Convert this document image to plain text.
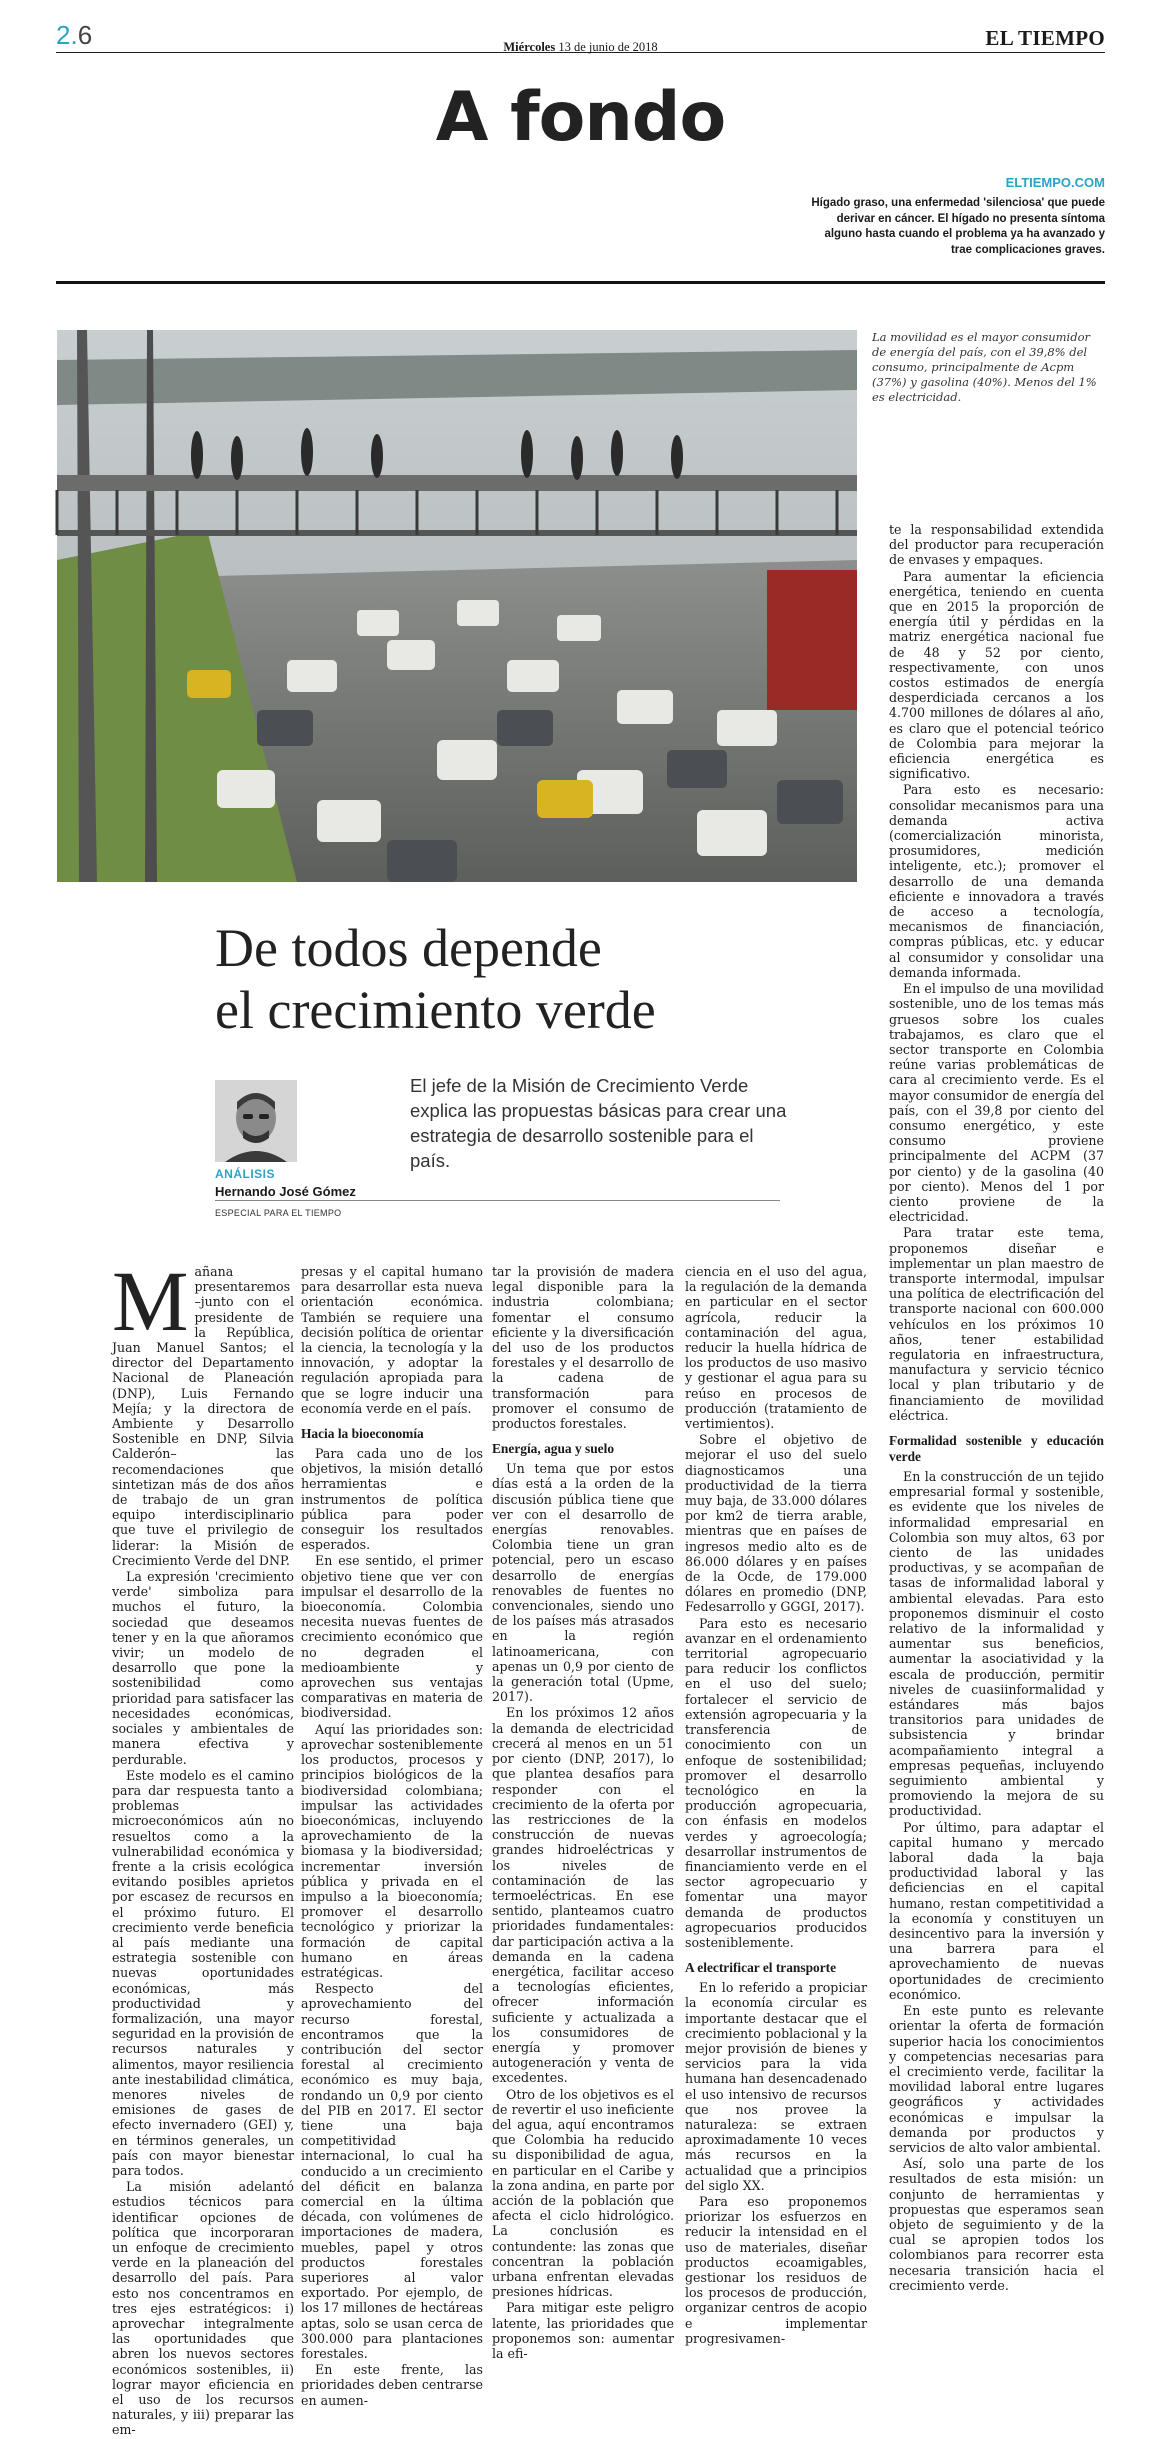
2.6	EL TIEMPO
Miércoles 13 de junio de 2018
A fondo
ELTIEMPO.COM
Hígado graso, una enfermedad 'silenciosa' que puede derivar en cáncer. El hígado no presenta síntoma alguno hasta cuando el problema ya ha avanzado y trae complicaciones graves.
La movilidad es el mayor consumidor de energía del país, con el 39,8% del consumo, principalmente de Acpm (37%) y gasolina (40%). Menos del 1% es electricidad.
De todos depende
el crecimiento verde
ANÁLISIS
Hernando José Gómez
ESPECIAL PARA EL TIEMPO
El jefe de la Misión de Crecimiento Verde explica las propuestas básicas para crear una estrategia de desarrollo sostenible para el país.

Mañana presentaremos –junto con el presidente de la República, Juan Manuel Santos; el director del Departamento Nacional de Planeación (DNP), Luis Fernando Mejía; y la directora de Ambiente y Desarrollo Sostenible en DNP, Silvia Calderón– las recomendaciones que sintetizan más de dos años de trabajo de un gran equipo interdisciplinario que tuve el privilegio de liderar: la Misión de Crecimiento Verde del DNP.

La expresión 'crecimiento verde' simboliza para muchos el futuro, la sociedad que deseamos tener y en la que añoramos vivir; un modelo de desarrollo que pone la sostenibilidad como prioridad para satisfacer las necesidades económicas, sociales y ambientales de manera efectiva y perdurable.

Este modelo es el camino para dar respuesta tanto a problemas microeconómicos aún no resueltos como a la vulnerabilidad económica y frente a la crisis ecológica evitando posibles aprietos por escasez de recursos en el próximo futuro. El crecimiento verde beneficia al país mediante una estrategia sostenible con nuevas oportunidades económicas, más productividad y formalización, una mayor seguridad en la provisión de recursos naturales y alimentos, mayor resiliencia ante inestabilidad climática, menores niveles de emisiones de gases de efecto invernadero (GEI) y, en términos generales, un país con mayor bienestar para todos.

La misión adelantó estudios técnicos para identificar opciones de política que incorporaran un enfoque de crecimiento verde en la planeación del desarrollo del país. Para esto nos concentramos en tres ejes estratégicos: i) aprovechar integralmente las oportunidades que abren los nuevos sectores económicos sostenibles, ii) lograr mayor eficiencia en el uso de los recursos naturales, y iii) preparar las em-

presas y el capital humano para desarrollar esta nueva orientación económica. También se requiere una decisión política de orientar la ciencia, la tecnología y la innovación, y adoptar la regulación apropiada para que se logre inducir una economía verde en el país.

Hacia la bioeconomía

Para cada uno de los objetivos, la misión detalló herramientas e instrumentos de política pública para poder conseguir los resultados esperados.

En ese sentido, el primer objetivo tiene que ver con impulsar el desarrollo de la bioeconomía. Colombia necesita nuevas fuentes de crecimiento económico que no degraden el medioambiente y aprovechen sus ventajas comparativas en materia de biodiversidad.

Aquí las prioridades son: aprovechar sosteniblemente los productos, procesos y principios biológicos de la biodiversidad colombiana; impulsar las actividades bioeconómicas, incluyendo aprovechamiento de la biomasa y la biodiversidad; incrementar inversión pública y privada en el impulso a la bioeconomía; promover el desarrollo tecnológico y priorizar la formación de capital humano en áreas estratégicas.

Respecto del aprovechamiento del recurso forestal, encontramos que la contribución del sector forestal al crecimiento económico es muy baja, rondando un 0,9 por ciento del PIB en 2017. El sector tiene una baja competitividad internacional, lo cual ha conducido a un crecimiento del déficit en balanza comercial en la última década, con volúmenes de importaciones de madera, muebles, papel y otros productos forestales superiores al valor exportado. Por ejemplo, de los 17 millones de hectáreas aptas, solo se usan cerca de 300.000 para plantaciones forestales.

En este frente, las prioridades deben centrarse en aumen-

tar la provisión de madera legal disponible para la industria colombiana; fomentar el consumo eficiente y la diversificación del uso de los productos forestales y el desarrollo de la cadena de transformación para promover el consumo de productos forestales.

Energía, agua y suelo

Un tema que por estos días está a la orden de la discusión pública tiene que ver con el desarrollo de energías renovables. Colombia tiene un gran potencial, pero un escaso desarrollo de energías renovables de fuentes no convencionales, siendo uno de los países más atrasados en la región latinoamericana, con apenas un 0,9 por ciento de la generación total (Upme, 2017).

En los próximos 12 años la demanda de electricidad crecerá al menos en un 51 por ciento (DNP, 2017), lo que plantea desafíos para responder con el crecimiento de la oferta por las restricciones de la construcción de nuevas grandes hidroeléctricas y los niveles de contaminación de las termoeléctricas. En ese sentido, planteamos cuatro prioridades fundamentales: dar participación activa a la demanda en la cadena energética, facilitar acceso a tecnologías eficientes, ofrecer información suficiente y actualizada a los consumidores de energía y promover autogeneración y venta de excedentes.

Otro de los objetivos es el de revertir el uso ineficiente del agua, aquí encontramos que Colombia ha reducido su disponibilidad de agua, en particular en el Caribe y la zona andina, en parte por acción de la población que afecta el ciclo hidrológico. La conclusión es contundente: las zonas que concentran la población urbana enfrentan elevadas presiones hídricas.

Para mitigar este peligro latente, las prioridades que proponemos son: aumentar la efi-

ciencia en el uso del agua, la regulación de la demanda en particular en el sector agrícola, reducir la contaminación del agua, reducir la huella hídrica de los productos de uso masivo y gestionar el agua para su reúso en procesos de producción (tratamiento de vertimientos).

Sobre el objetivo de mejorar el uso del suelo diagnosticamos una productividad de la tierra muy baja, de 33.000 dólares por km2 de tierra arable, mientras que en países de ingresos medio alto es de 86.000 dólares y en países de la Ocde, de 179.000 dólares en promedio (DNP, Fedesarrollo y GGGI, 2017).

Para esto es necesario avanzar en el ordenamiento territorial agropecuario para reducir los conflictos en el uso del suelo; fortalecer el servicio de extensión agropecuaria y la transferencia de conocimiento con un enfoque de sostenibilidad; promover el desarrollo tecnológico en la producción agropecuaria, con énfasis en modelos verdes y agroecología; desarrollar instrumentos de financiamiento verde en el sector agropecuario y fomentar una mayor demanda de productos agropecuarios producidos sosteniblemente.

A electrificar el transporte

En lo referido a propiciar la economía circular es importante destacar que el crecimiento poblacional y la mejor provisión de bienes y servicios para la vida humana han desencadenado el uso intensivo de recursos que nos provee la naturaleza: se extraen aproximadamente 10 veces más recursos en la actualidad que a principios del siglo XX.

Para eso proponemos priorizar los esfuerzos en reducir la intensidad en el uso de materiales, diseñar productos ecoamigables, gestionar los residuos de los procesos de producción, organizar centros de acopio e implementar progresivamen-

te la responsabilidad extendida del productor para recuperación de envases y empaques.

Para aumentar la eficiencia energética, teniendo en cuenta que en 2015 la proporción de energía útil y pérdidas en la matriz energética nacional fue de 48 y 52 por ciento, respectivamente, con unos costos estimados de energía desperdiciada cercanos a los 4.700 millones de dólares al año, es claro que el potencial teórico de Colombia para mejorar la eficiencia energética es significativo.

Para esto es necesario: consolidar mecanismos para una demanda activa (comercialización minorista, prosumidores, medición inteligente, etc.); promover el desarrollo de una demanda eficiente e innovadora a través de acceso a tecnología, mecanismos de financiación, compras públicas, etc. y educar al consumidor y consolidar una demanda informada.

En el impulso de una movilidad sostenible, uno de los temas más gruesos sobre los cuales trabajamos, es claro que el sector transporte en Colombia reúne varias problemáticas de cara al crecimiento verde. Es el mayor consumidor de energía del país, con el 39,8 por ciento del consumo energético, y este consumo proviene principalmente del ACPM (37 por ciento) y de la gasolina (40 por ciento). Menos del 1 por ciento proviene de la electricidad.

Para tratar este tema, proponemos diseñar e implementar un plan maestro de transporte intermodal, impulsar una política de electrificación del transporte nacional con 600.000 vehículos en los próximos 10 años, tener estabilidad regulatoria en infraestructura, manufactura y servicio técnico local y plan tributario y de financiamiento de movilidad eléctrica.

Formalidad sostenible y educación verde

En la construcción de un tejido empresarial formal y sostenible, es evidente que los niveles de informalidad empresarial en Colombia son muy altos, 63 por ciento de las unidades productivas, y se acompañan de tasas de informalidad laboral y ambiental elevadas. Para esto proponemos disminuir el costo relativo de la informalidad y aumentar sus beneficios, aumentar la asociatividad y la escala de producción, permitir niveles de cuasiinformalidad y estándares más bajos transitorios para unidades de subsistencia y brindar acompañamiento integral a empresas pequeñas, incluyendo seguimiento ambiental y promoviendo la mejora de su productividad.

Por último, para adaptar el capital humano y mercado laboral dada la baja productividad laboral y las deficiencias en el capital humano, restan competitividad a la economía y constituyen un desincentivo para la inversión y una barrera para el aprovechamiento de nuevas oportunidades de crecimiento económico.

En este punto es relevante orientar la oferta de formación superior hacia los conocimientos y competencias necesarias para el crecimiento verde, facilitar la movilidad laboral entre lugares geográficos y actividades económicas e impulsar la demanda por productos y servicios de alto valor ambiental.

Así, solo una parte de los resultados de esta misión: un conjunto de herramientas y propuestas que esperamos sean objeto de seguimiento y de la cual se apropien todos los colombianos para recorrer esta necesaria transición hacia el crecimiento verde.
